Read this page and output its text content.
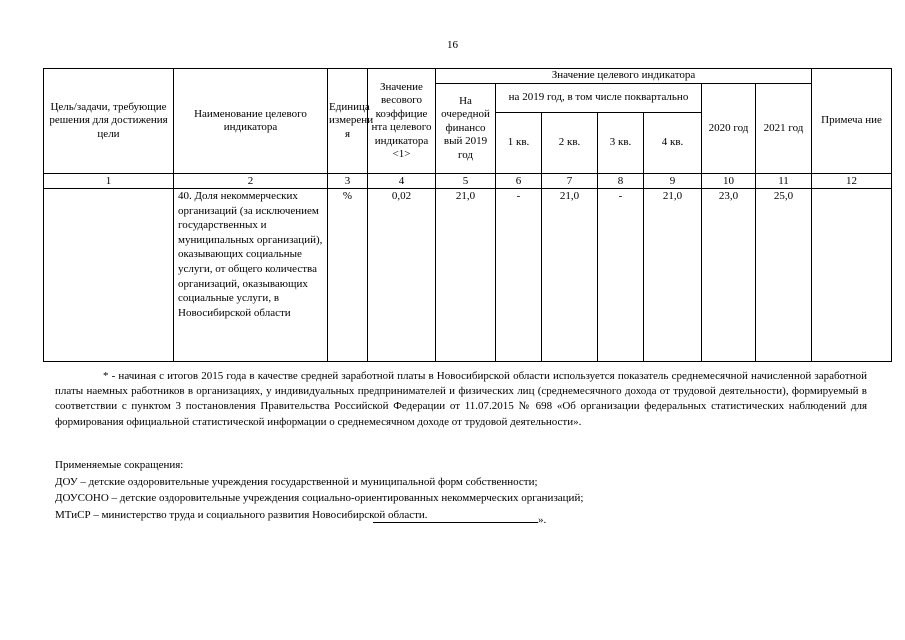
16
Цель/задачи, требующие решения для достижения цели	Наименование целевого индикатора	Единица измерени я	Значение весового коэффицие нта целевого индикатора <1>	Значение целевого индикатора							Примеча ние
				На очередной финансо вый 2019 год	на 2019 год, в том числе поквартально				2020 год	2021 год	
					1 кв.	2 кв.	3 кв.	4 кв.			
1	2	3	4	5	6	7	8	9	10	11	12
	40. Доля некоммерческих организаций (за исключением государственных и муниципальных организаций), оказывающих социальные услуги, от общего количества организаций, оказывающих социальные услуги, в Новосибирской области	%	0,02	21,0	-	21,0	-	21,0	23,0	25,0	

* - начиная с итогов 2015 года в качестве средней заработной платы в Новосибирской области используется показатель среднемесячной начисленной заработной платы наемных работников в организациях, у индивидуальных предпринимателей и физических лиц (среднемесячного дохода от трудовой деятельности), формируемый в соответствии с пунктом 3 постановления Правительства Российской Федерации от 11.07.2015 № 698 «Об организации федеральных статистических наблюдений для формирования официальной статистической информации о среднемесячном доходе от трудовой деятельности».

Применяемые сокращения:
ДОУ – детские оздоровительные учреждения государственной и муниципальной форм собственности;
ДОУСОНО – детские оздоровительные учреждения социально-ориентированных некоммерческих организаций;
МТиСР – министерство труда и социального развития Новосибирской области.	».
